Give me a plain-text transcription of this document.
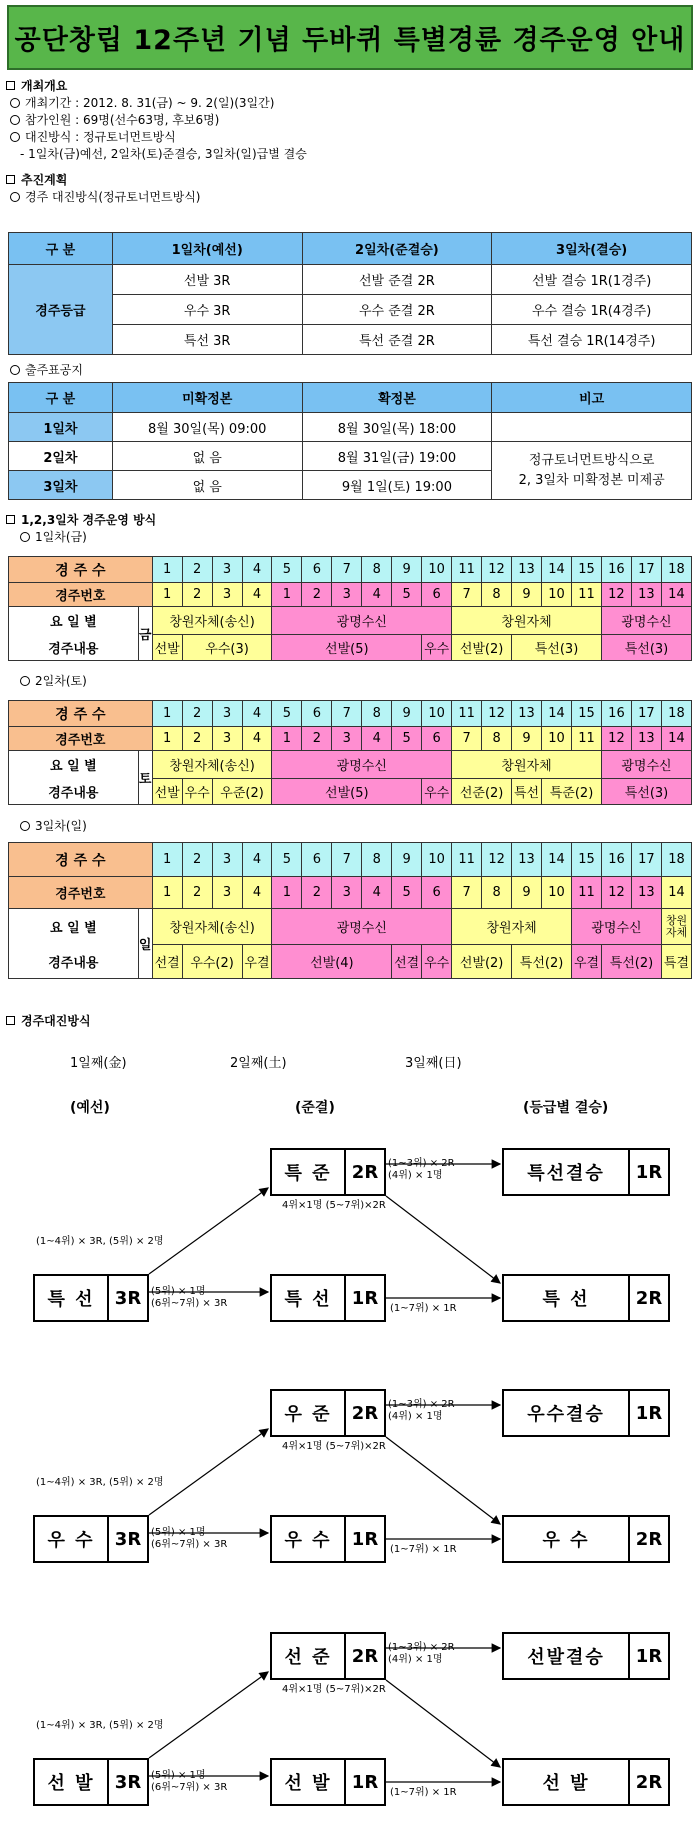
공단창립 12주년 기념 두바퀴 특별경륜 경주운영 안내
개최개요
개최기간 : 2012. 8. 31(금) ~ 9. 2(일)(3일간)
참가인원 : 69명(선수63명, 후보6명)
대진방식 : 정규토너먼트방식
- 1일차(금)예선, 2일차(토)준결승, 3일차(일)급별 결승
추진계획
경주 대진방식(정규토너먼트방식)
구 분	1일차(예선)	2일차(준결승)	3일차(결승)
경주등급	선발 3R	선발 준결 2R	선발 결승 1R(1경주)
	우수 3R	우수 준결 2R	우수 결승 1R(4경주)
	특선 3R	특선 준결 2R	특선 결승 1R(14경주)
출주표공지
구 분	미확정본	확정본	비고
1일차	8월 30일(목) 09:00	8월 30일(목) 18:00	
2일차	없 음	8월 31일(금) 19:00	정규토너먼트방식으로
2, 3일차 미확정본 미제공

3일차	없 음	9월 1일(토) 19:00	
1,2,3일차 경주운영 방식
1일차(금)
경 주 수		1	2	3	4	5	6	7	8	9	10	11	12	13	14	15	16	17	18
경주번호		1	2	3	4	1	2	3	4	5	6	7	8	9	10	11	12	13	14
요 일 별	금	창원자체(송신)				광명수신						창원자체					광명수신		
경주내용		선발	우수(3)			선발(5)					우수	선발(2)		특선(3)			특선(3)		
2일차(토)
경 주 수		1	2	3	4	5	6	7	8	9	10	11	12	13	14	15	16	17	18
경주번호		1	2	3	4	1	2	3	4	5	6	7	8	9	10	11	12	13	14
요 일 별	토	창원자체(송신)				광명수신						창원자체					광명수신		
경주내용		선발	우수	우준(2)		선발(5)					우수	선준(2)		특선	특준(2)		특선(3)		
3일차(일)
경 주 수		1	2	3	4	5	6	7	8	9	10	11	12	13	14	15	16	17	18
경주번호		1	2	3	4	1	2	3	4	5	6	7	8	9	10	11	12	13	14
요 일 별	일	창원자체(송신)				광명수신						창원자체				광명수신			창원자체
경주내용		선결	우수(2)		우결	선발(4)				선결	우수	선발(2)		특선(2)		우결	특선(2)		특결
경주대진방식
1일째(金)	2일째(土)	3일째(日)
(예선)	(준결)	(등급별 결승)
특 준	2R	특선결승	1R
특 선	3R	특 선	1R	특 선	2R
(1~3위) × 2R
(4위) × 1명
4위×1명 (5~7위)×2R
(1~4위) × 3R, (5위) × 2명
(5위) × 1명
(6위~7위) × 3R	(1~7위) × 1R
우 준	2R	우수결승	1R
우 수	3R	우 수	1R	우 수	2R
(1~3위) × 2R
(4위) × 1명
4위×1명 (5~7위)×2R
(1~4위) × 3R, (5위) × 2명
(5위) × 1명
(6위~7위) × 3R	(1~7위) × 1R
선 준	2R	선발결승	1R
선 발	3R	선 발	1R	선 발	2R
(1~3위) × 2R
(4위) × 1명
4위×1명 (5~7위)×2R
(1~4위) × 3R, (5위) × 2명
(5위) × 1명
(6위~7위) × 3R	(1~7위) × 1R
